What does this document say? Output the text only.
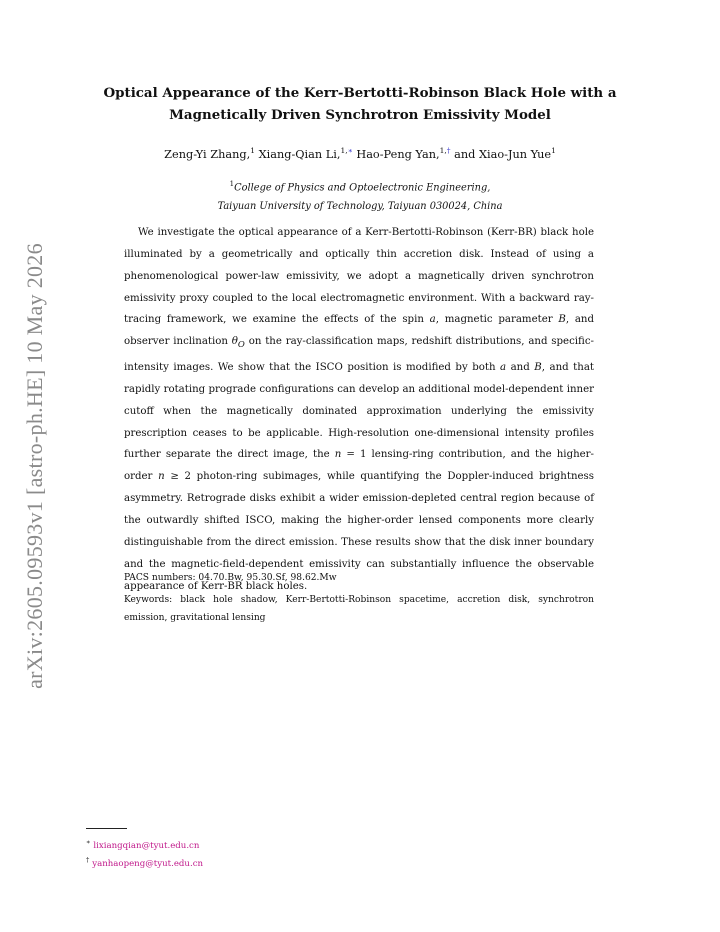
arXiv:2605.09593v1 [astro-ph.HE] 10 May 2026
Optical Appearance of the Kerr-Bertotti-Robinson Black Hole with a
Magnetically Driven Synchrotron Emissivity Model
Zeng-Yi Zhang,$^1$ Xiang-Qian Li,$^{1,∗}$ Hao-Peng Yan,$^{1,\dagger}$ and Xiao-Jun Yue$^1$
$^1$College of Physics and Optoelectronic Engineering,
Taiyuan University of Technology, Taiyuan 030024, China
We investigate the optical appearance of a Kerr-Bertotti-Robinson (Kerr-BR) black hole illuminated by a geometrically and optically thin accretion disk. Instead of using a phenomenological power-law emissivity, we adopt a magnetically driven synchrotron emissivity proxy coupled to the local electromagnetic environment. With a backward ray-tracing framework, we examine the effects of the spin a, magnetic parameter B, and observer inclination $\theta_O$ on the ray-classification maps, redshift distributions, and specific-intensity images. We show that the ISCO position is modified by both a and B, and that rapidly rotating prograde configurations can develop an additional model-dependent inner cutoff when the magnetically dominated approximation underlying the emissivity prescription ceases to be applicable. High-resolution one-dimensional intensity profiles further separate the direct image, the n = 1 lensing-ring contribution, and the higher-order n ≥ 2 photon-ring subimages, while quantifying the Doppler-induced brightness asymmetry. Retrograde disks exhibit a wider emission-depleted central region because of the outwardly shifted ISCO, making the higher-order lensed components more clearly distinguishable from the direct emission. These results show that the disk inner boundary and the magnetic-field-dependent emissivity can substantially influence the observable appearance of Kerr-BR black holes.
PACS numbers: 04.70.Bw, 95.30.Sf, 98.62.Mw
Keywords: black hole shadow, Kerr-Bertotti-Robinson spacetime, accretion disk, synchrotron emission, gravitational lensing
∗ lixiangqian@tyut.edu.cn
† yanhaopeng@tyut.edu.cn
